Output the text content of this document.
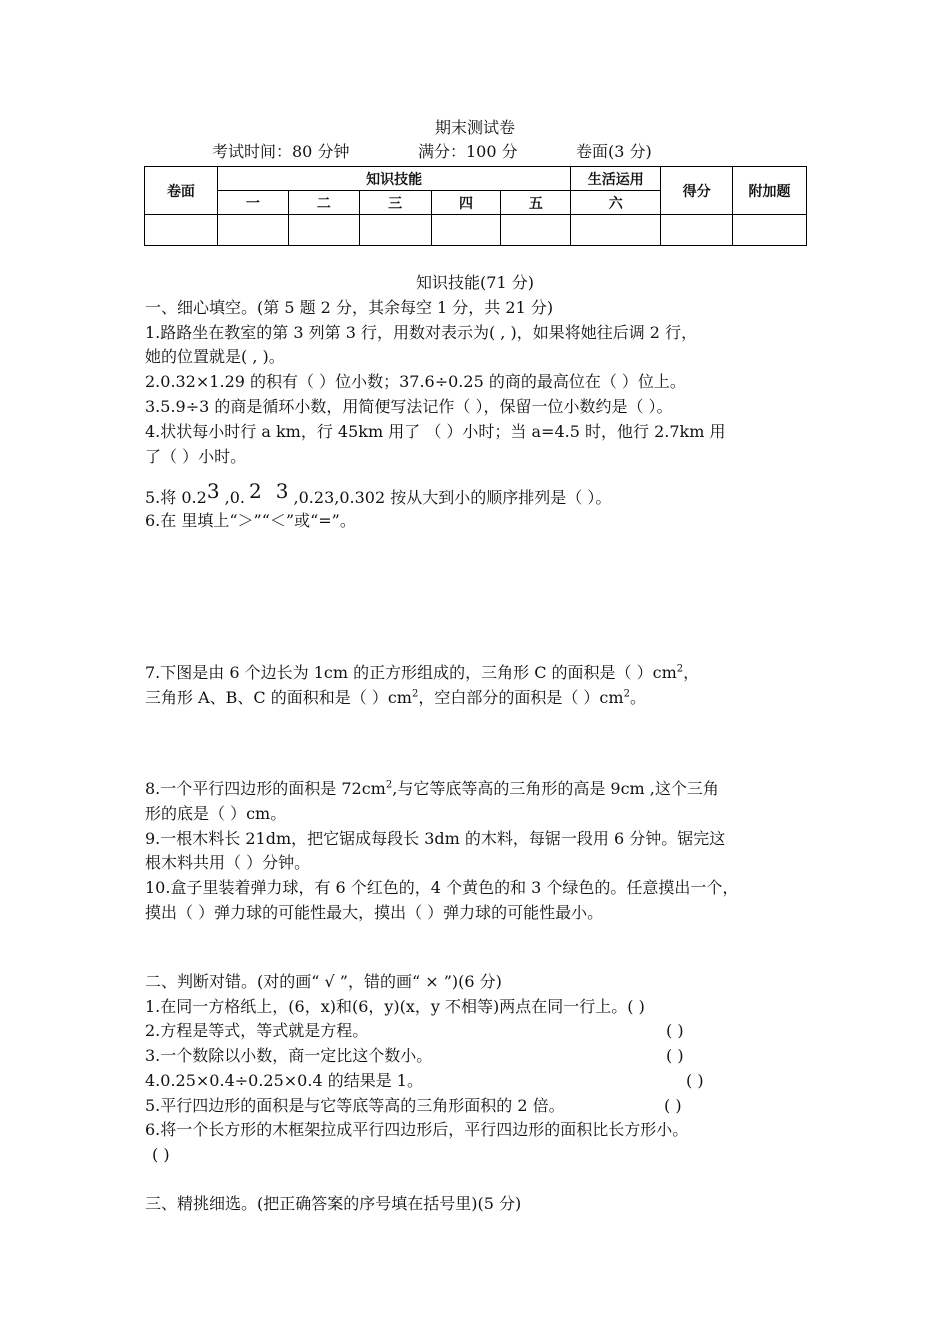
期末测试卷
考试时间：80 分钟	满分：100 分	卷面(3 分)
卷面	知识技能					生活运用	得分	附加题
	一	二	三	四	五	六		

知识技能(71 分)
一、细心填空。(第 5 题 2 分，其余每空 1 分，共 21 分)
1.路路坐在教室的第 3 列第 3 行，用数对表示为( , )，如果将她往后调 2 行，
她的位置就是( , )。
2.0.32×1.29 的积有（ ）位小数；37.6÷0.25 的商的最高位在（ ）位上。
3.5.9÷3 的商是循环小数，用简便写法记作（ ），保留一位小数约是（ ）。
4.状状每小时行 a km，行 45km 用了 （ ）小时；当 a=4.5 时，他行 2.7km 用
了（ ）小时。
5.将 0.23 ,0. 2 3 ,0.23,0.302 按从大到小的顺序排列是（ ）。
6.在 里填上“＞”“＜”或“=”。
7.下图是由 6 个边长为 1cm 的正方形组成的，三角形 C 的面积是（ ）$cm^2$，
三角形 A、B、C 的面积和是（ ）$cm^2$，空白部分的面积是（ ）$cm^2$。
8.一个平行四边形的面积是 $72cm^2$,与它等底等高的三角形的高是 9cm ,这个三角
形的底是（ ）cm。
9.一根木料长 21dm，把它锯成每段长 3dm 的木料，每锯一段用 6 分钟。锯完这
根木料共用（ ）分钟。
10.盒子里装着弹力球，有 6 个红色的，4 个黄色的和 3 个绿色的。任意摸出一个，
摸出（ ）弹力球的可能性最大，摸出（ ）弹力球的可能性最小。
二、判断对错。(对的画“ √ ”，错的画“ × ”)(6 分)
1.在同一方格纸上，(6，x)和(6，y)(x，y 不相等)两点在同一行上。( )
2.方程是等式，等式就是方程。	( )
3.一个数除以小数，商一定比这个数小。	( )
4.0.25×0.4÷0.25×0.4 的结果是 1。	( )
5.平行四边形的面积是与它等底等高的三角形面积的 2 倍。	( )
6.将一个长方形的木框架拉成平行四边形后，平行四边形的面积比长方形小。
( )
三、精挑细选。(把正确答案的序号填在括号里)(5 分)
